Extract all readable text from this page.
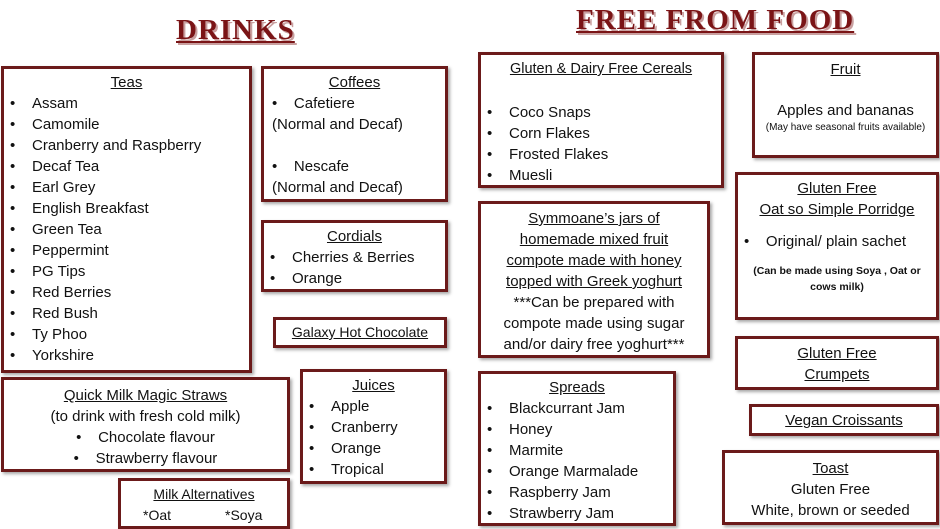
DRINKS	FREE FROM FOOD
Teas
• Assam
• Camomile
• Cranberry and Raspberry
• Decaf Tea
• Earl Grey
• English Breakfast
• Green Tea
• Peppermint
• PG Tips
• Red Berries
• Red Bush
• Ty Phoo
• Yorkshire
Coffees
•    Cafetiere
(Normal and Decaf)
•    Nescafe
(Normal and Decaf)
Cordials
• Cherries & Berries
• Orange
Galaxy Hot Chocolate
Juices
• Apple
• Cranberry
• Orange
• Tropical
Quick Milk Magic Straws
(to drink with fresh cold milk)
•    Chocolate flavour
•    Strawberry flavour
Milk Alternatives
*Oat	*Soya
Gluten & Dairy Free Cereals
• Coco Snaps
• Corn Flakes
• Frosted Flakes
• Muesli
Fruit
Apples and bananas
(May have seasonal fruits available)
Gluten Free
Oat so Simple Porridge
•    Original/ plain sachet
(Can be made using Soya , Oat or cows milk)
Symmoane’s jars of
homemade mixed fruit
compote made with honey
topped with Greek yoghurt
***Can be prepared with
compote made using sugar
and/or dairy free yoghurt***
Gluten Free
Crumpets
Vegan Croissants
Spreads
• Blackcurrant Jam
• Honey
• Marmite
• Orange Marmalade
• Raspberry Jam
• Strawberry Jam
Toast
Gluten Free
White, brown or seeded
